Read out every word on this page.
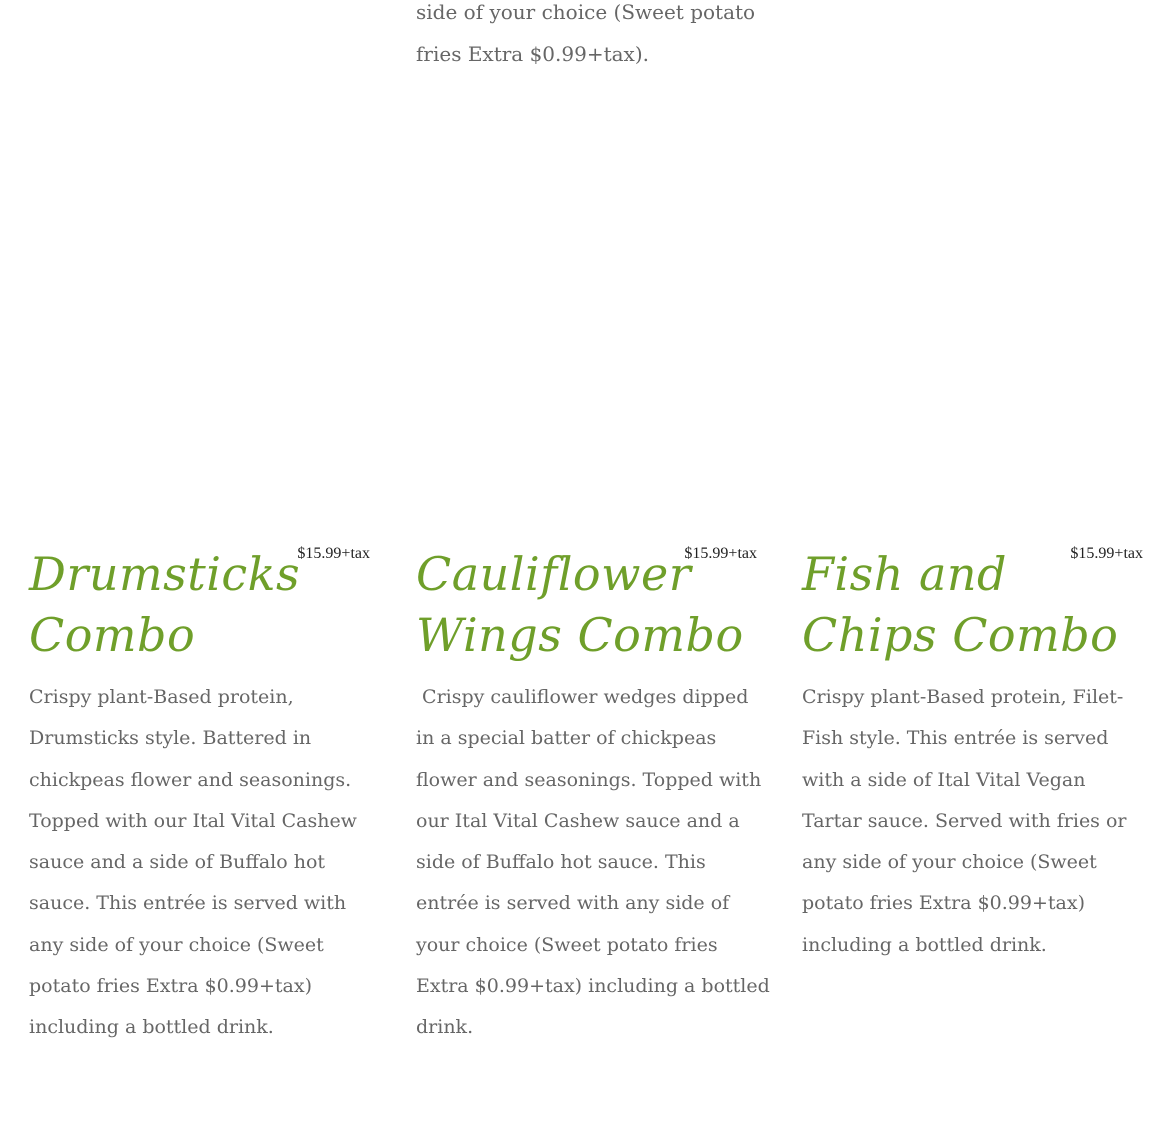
side of your choice (Sweet potato
fries Extra $0.99+tax).
Drumsticks
Combo
$15.99+tax
Crispy plant-Based protein,
Drumsticks style. Battered in
chickpeas flower and seasonings.
Topped with our Ital Vital Cashew
sauce and a side of Buffalo hot
sauce. This entrée is served with
any side of your choice (Sweet
potato fries Extra $0.99+tax)
including a bottled drink.
Cauliflower
Wings Combo
$15.99+tax
Crispy cauliflower wedges dipped
in a special batter of chickpeas
flower and seasonings. Topped with
our Ital Vital Cashew sauce and a
side of Buffalo hot sauce. This
entrée is served with any side of
your choice (Sweet potato fries
Extra $0.99+tax) including a bottled
drink.
Fish and
Chips Combo
$15.99+tax
Crispy plant-Based protein, Filet-
Fish style. This entrée is served
with a side of Ital Vital Vegan
Tartar sauce. Served with fries or
any side of your choice (Sweet
potato fries Extra $0.99+tax)
including a bottled drink.
